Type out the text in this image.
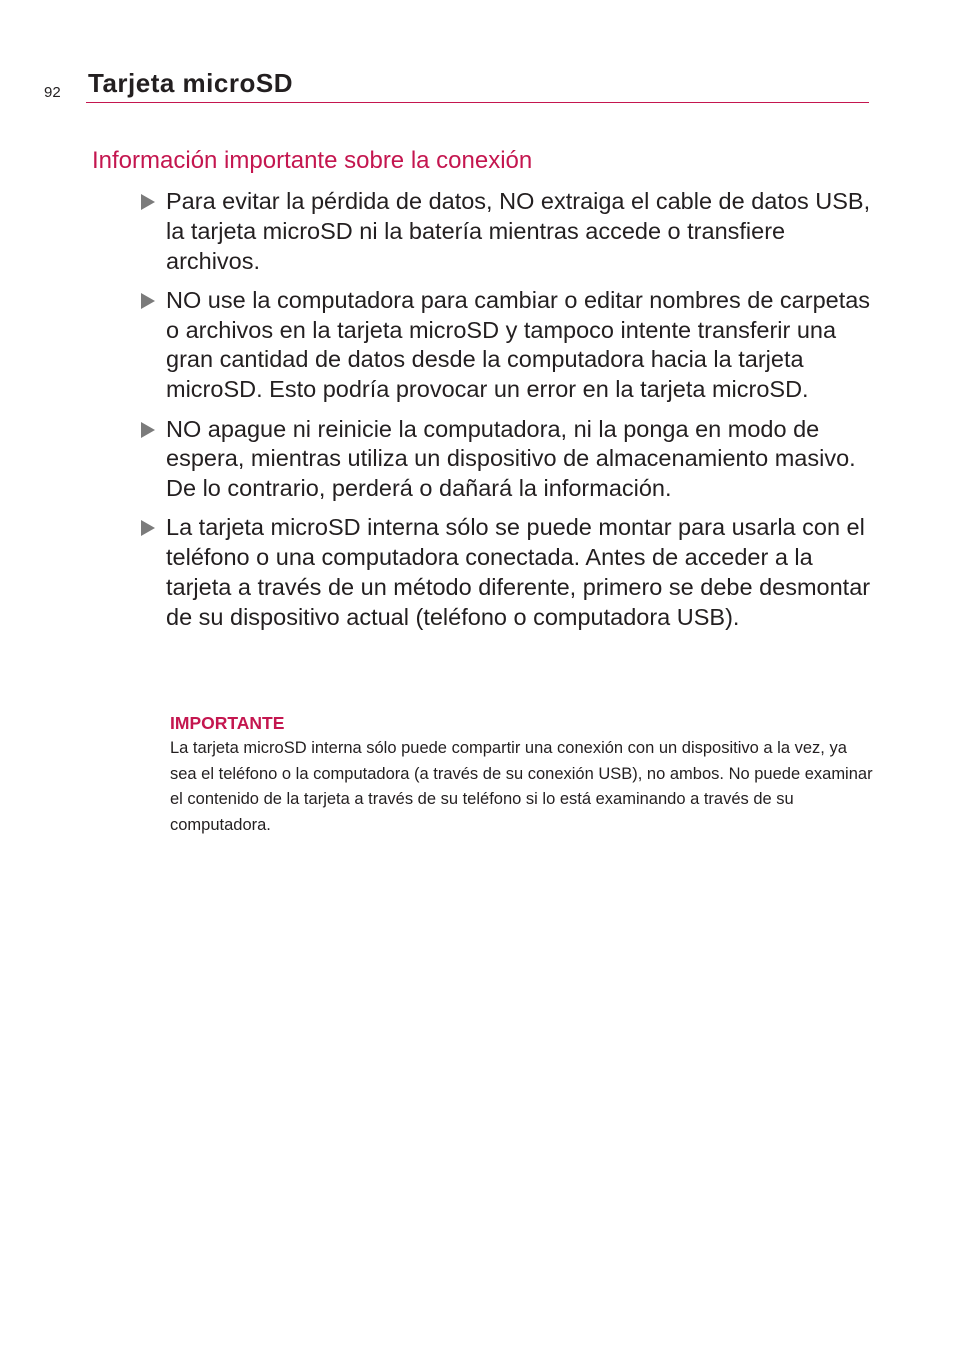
92 Tarjeta microSD
Información importante sobre la conexión
Para evitar la pérdida de datos, NO extraiga el cable de datos USB, la tarjeta microSD ni la batería mientras accede o transfiere archivos.
NO use la computadora para cambiar o editar nombres de carpetas o archivos en la tarjeta microSD y tampoco intente transferir una gran cantidad de datos desde la computadora hacia la tarjeta microSD. Esto podría provocar un error en la tarjeta microSD.
NO apague ni reinicie la computadora, ni la ponga en modo de espera, mientras utiliza un dispositivo de almacenamiento masivo. De lo contrario, perderá o dañará la información.
La tarjeta microSD interna sólo se puede montar para usarla con el teléfono o una computadora conectada. Antes de acceder a la tarjeta a través de un método diferente, primero se debe desmontar de su dispositivo actual (teléfono o computadora USB).
IMPORTANTE
La tarjeta microSD interna sólo puede compartir una conexión con un dispositivo a la vez, ya sea el teléfono o la computadora (a través de su conexión USB), no ambos. No puede examinar el contenido de la tarjeta a través de su teléfono si lo está examinando a través de su computadora.
